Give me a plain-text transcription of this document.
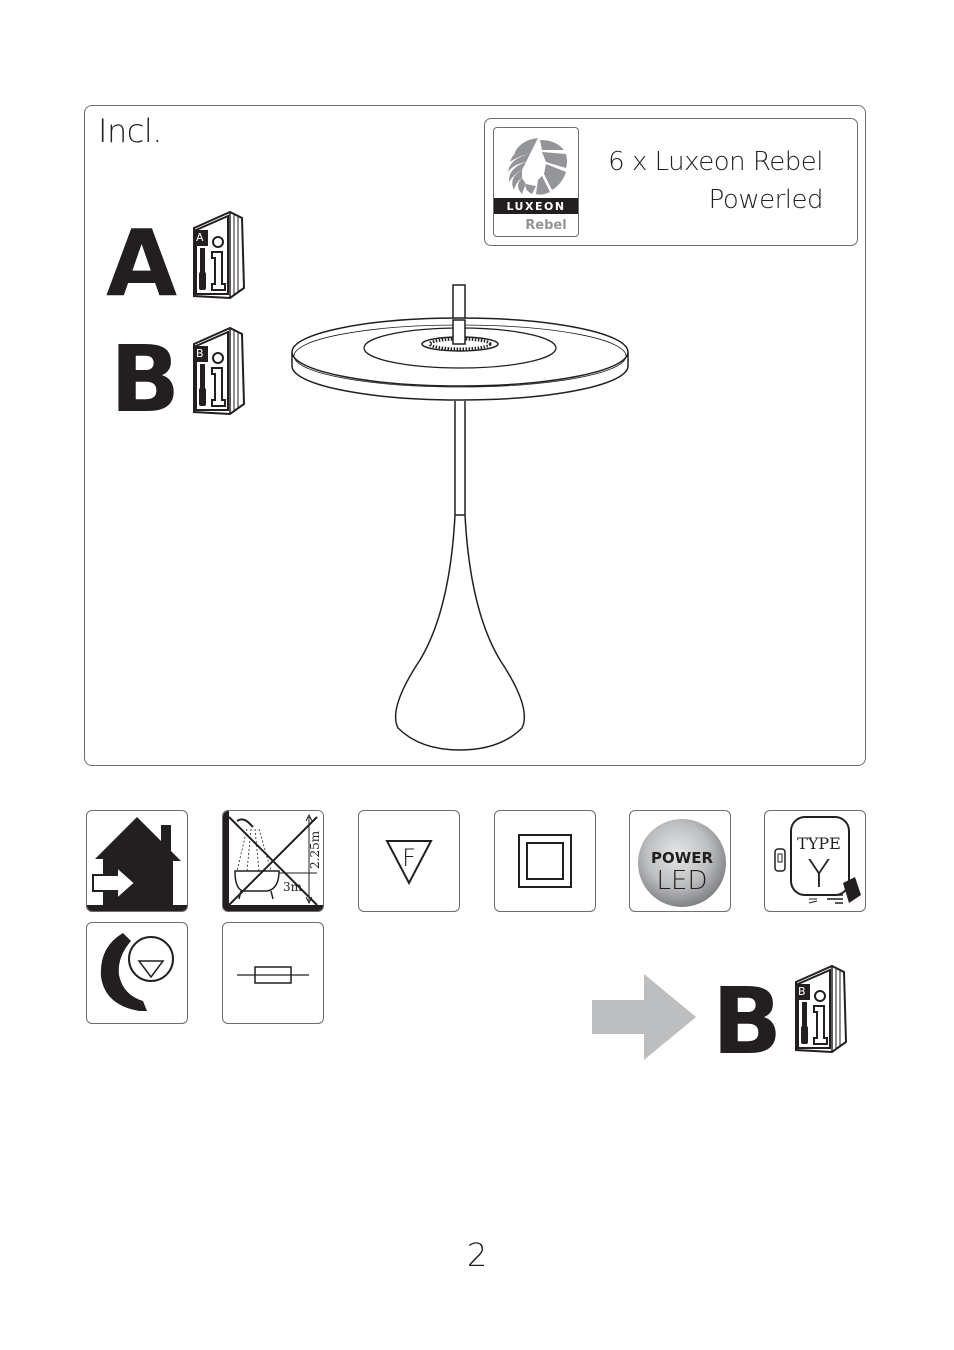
Incl.
A A
B B
LUXEON
Rebel
6 x Luxeon Rebel
Powerled
3m
2.25m	F	POWER
LED
TYPE
Y
B B
2
